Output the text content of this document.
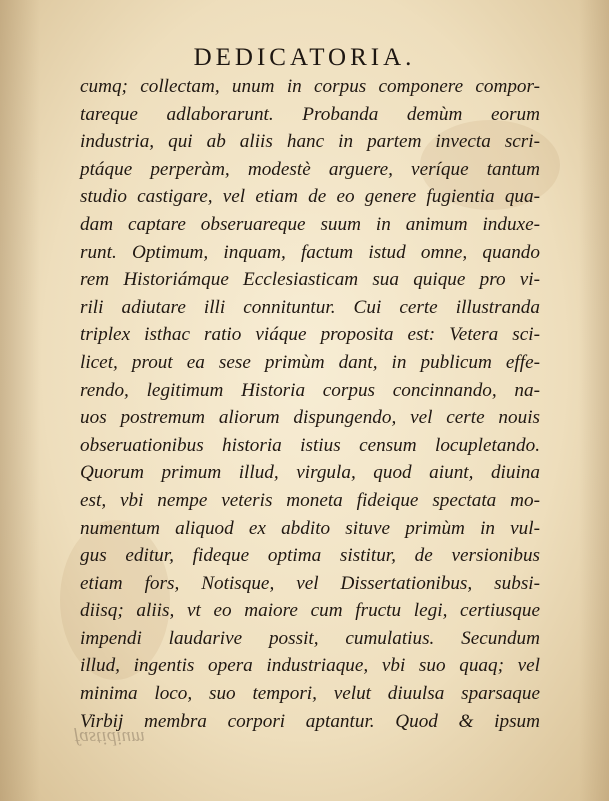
DEDICATORIA.
cumq; collectam, unum in corpus componere compor-
tareque adlaborarunt. Probanda demùm eorum
industria, qui ab aliis hanc in partem invecta scri-
ptáque perperàm, modestè arguere, veríque tantum
studio castigare, vel etiam de eo genere fugientia qua-
dam captare obseruareque suum in animum induxe-
runt. Optimum, inquam, factum istud omne, quando
rem Historiámque Ecclesiasticam sua quique pro vi-
rili adiutare illi connituntur. Cui certe illustranda
triplex isthac ratio viáque proposita est: Vetera sci-
licet, prout ea sese primùm dant, in publicum effe-
rendo, legitimum Historia corpus concinnando, na-
uos postremum aliorum dispungendo, vel certe nouis
obseruationibus historia istius censum locupletando.
Quorum primum illud, virgula, quod aiunt, diuina
est, vbi nempe veteris moneta fideique spectata mo-
numentum aliquod ex abdito situve primùm in vul-
gus editur, fideque optima sistitur, de versionibus
etiam fors, Notisque, vel Dissertationibus, subsi-
diisq; aliis, vt eo maiore cum fructu legi, certiusque
impendi laudarive possit, cumulatius. Secundum
illud, ingentis opera industriaque, vbi suo quaq; vel
minima loco, suo tempori, velut diuulsa sparsaque
Virbij membra corpori aptantur. Quod & ipsum
fastidium
